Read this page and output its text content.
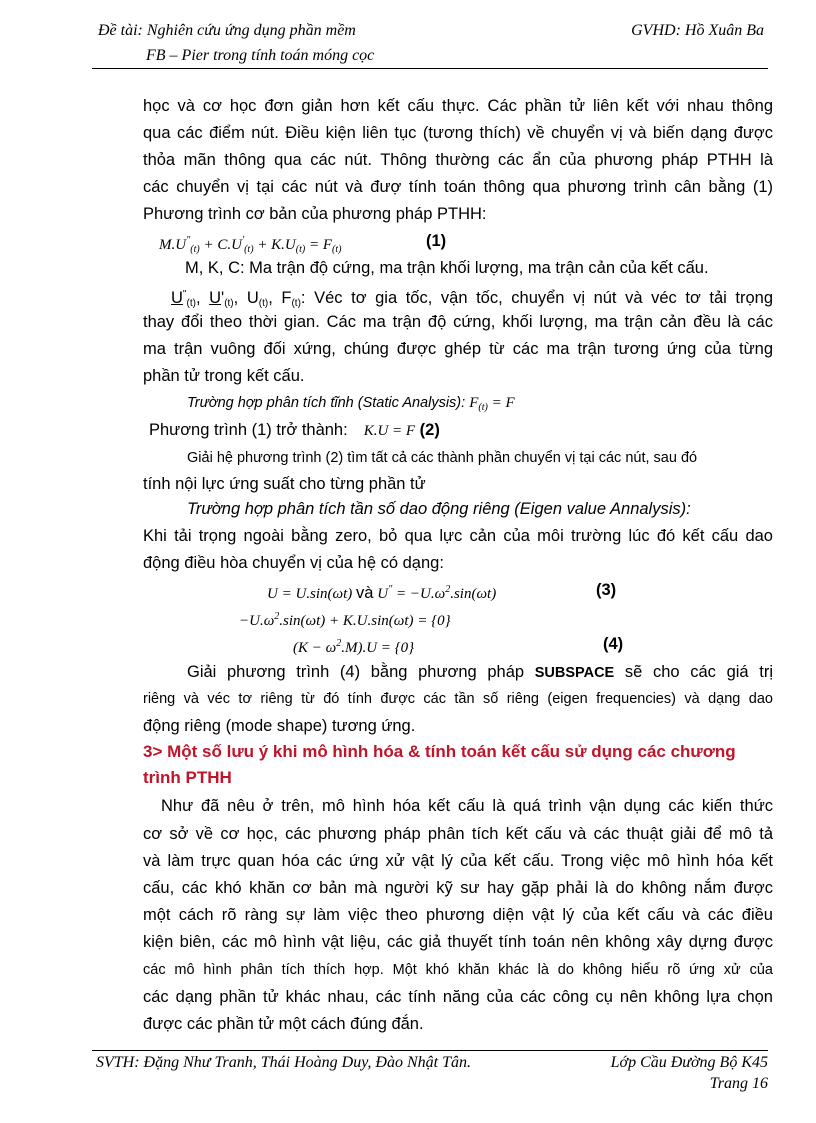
Đề tài: Nghiên cứu ứng dụng phần mềm
FB – Pier trong tính toán móng cọc
GVHD: Hồ Xuân Ba
học và cơ học đơn giản hơn kết cấu thực. Các phần tử liên kết với nhau thông
qua các điểm nút. Điều kiện liên tục (tương thích) về chuyển vị và biến dạng được
thỏa mãn thông qua các nút. Thông thường các ẩn của phương pháp PTHH là
các chuyển vị tại các nút và đượ tính toán thông qua phương trình cân bằng (1)
Phương trình cơ bản của phương pháp PTHH:
$M.U^"_{(t)} + C.U'_{(t)} + K.U_{(t)} = F_{(t)}$	(1)
M, K, C: Ma trận độ cứng, ma trận khối lượng, ma trận cản của kết cấu.
$U^"_{(t)}$, $U'_{(t)}$, $U_{(t)}$, $F_{(t)}$: Véc tơ gia tốc, vận tốc, chuyển vị nút và véc tơ tải trọng
thay đổi theo thời gian. Các ma trận độ cứng, khối lượng, ma trận cản đều là các
ma trận vuông đối xứng, chúng được ghép từ các ma trận tương ứng của từng
phần tử trong kết cấu.
Trường hợp phân tích tĩnh (Static Analysis): $F_{(t)} = F$
Phương trình (1) trở thành: K.U = F (2)
Giải hệ phương trình (2) tìm tất cả các thành phần chuyển vị tại các nút, sau đó
tính nội lực ứng suất cho từng phần tử
Trường hợp phân tích tần số dao động riêng (Eigen value Annalysis):
Khi tải trọng ngoài bằng zero, bỏ qua lực cản của môi trường lúc đó kết cấu dao
động điều hòa chuyển vị của hệ có dạng:
U = U.sin(ωt) và $U^" = -U.\omega^2.\sin(\omega t)$	(3)
$-U.\omega^2.\sin(\omega t) + K.U.\sin(\omega t) = \{0\}$
$(K - \omega^2.M).U = \{0\}$	(4)
Giải phương trình (4) bằng phương pháp SUBSPACE sẽ cho các giá trị
riêng và véc tơ riêng từ đó tính được các tần số riêng (eigen frequencies) và dạng dao
động riêng (mode shape) tương ứng.
3> Một số lưu ý khi mô hình hóa & tính toán kết cấu sử dụng các chương
trình PTHH
Như đã nêu ở trên, mô hình hóa kết cấu là quá trình vận dụng các kiến thức
cơ sở về cơ học, các phương pháp phân tích kết cấu và các thuật giải để mô tả
và làm trực quan hóa các ứng xử vật lý của kết cấu. Trong việc mô hình hóa kết
cấu, các khó khăn cơ bản mà người kỹ sư hay gặp phải là do không nắm được
một cách rõ ràng sự làm việc theo phương diện vật lý của kết cấu và các điều
kiện biên, các mô hình vật liệu, các giả thuyết tính toán nên không xây dựng được
các mô hình phân tích thích hợp. Một khó khăn khác là do không hiểu rõ ứng xử của
các dạng phần tử khác nhau, các tính năng của các công cụ nên không lựa chọn
được các phần tử một cách đúng đắn.
SVTH: Đặng Như Tranh, Thái Hoàng Duy, Đào Nhật Tân.	Lớp Cầu Đường Bộ K45
Trang 16
